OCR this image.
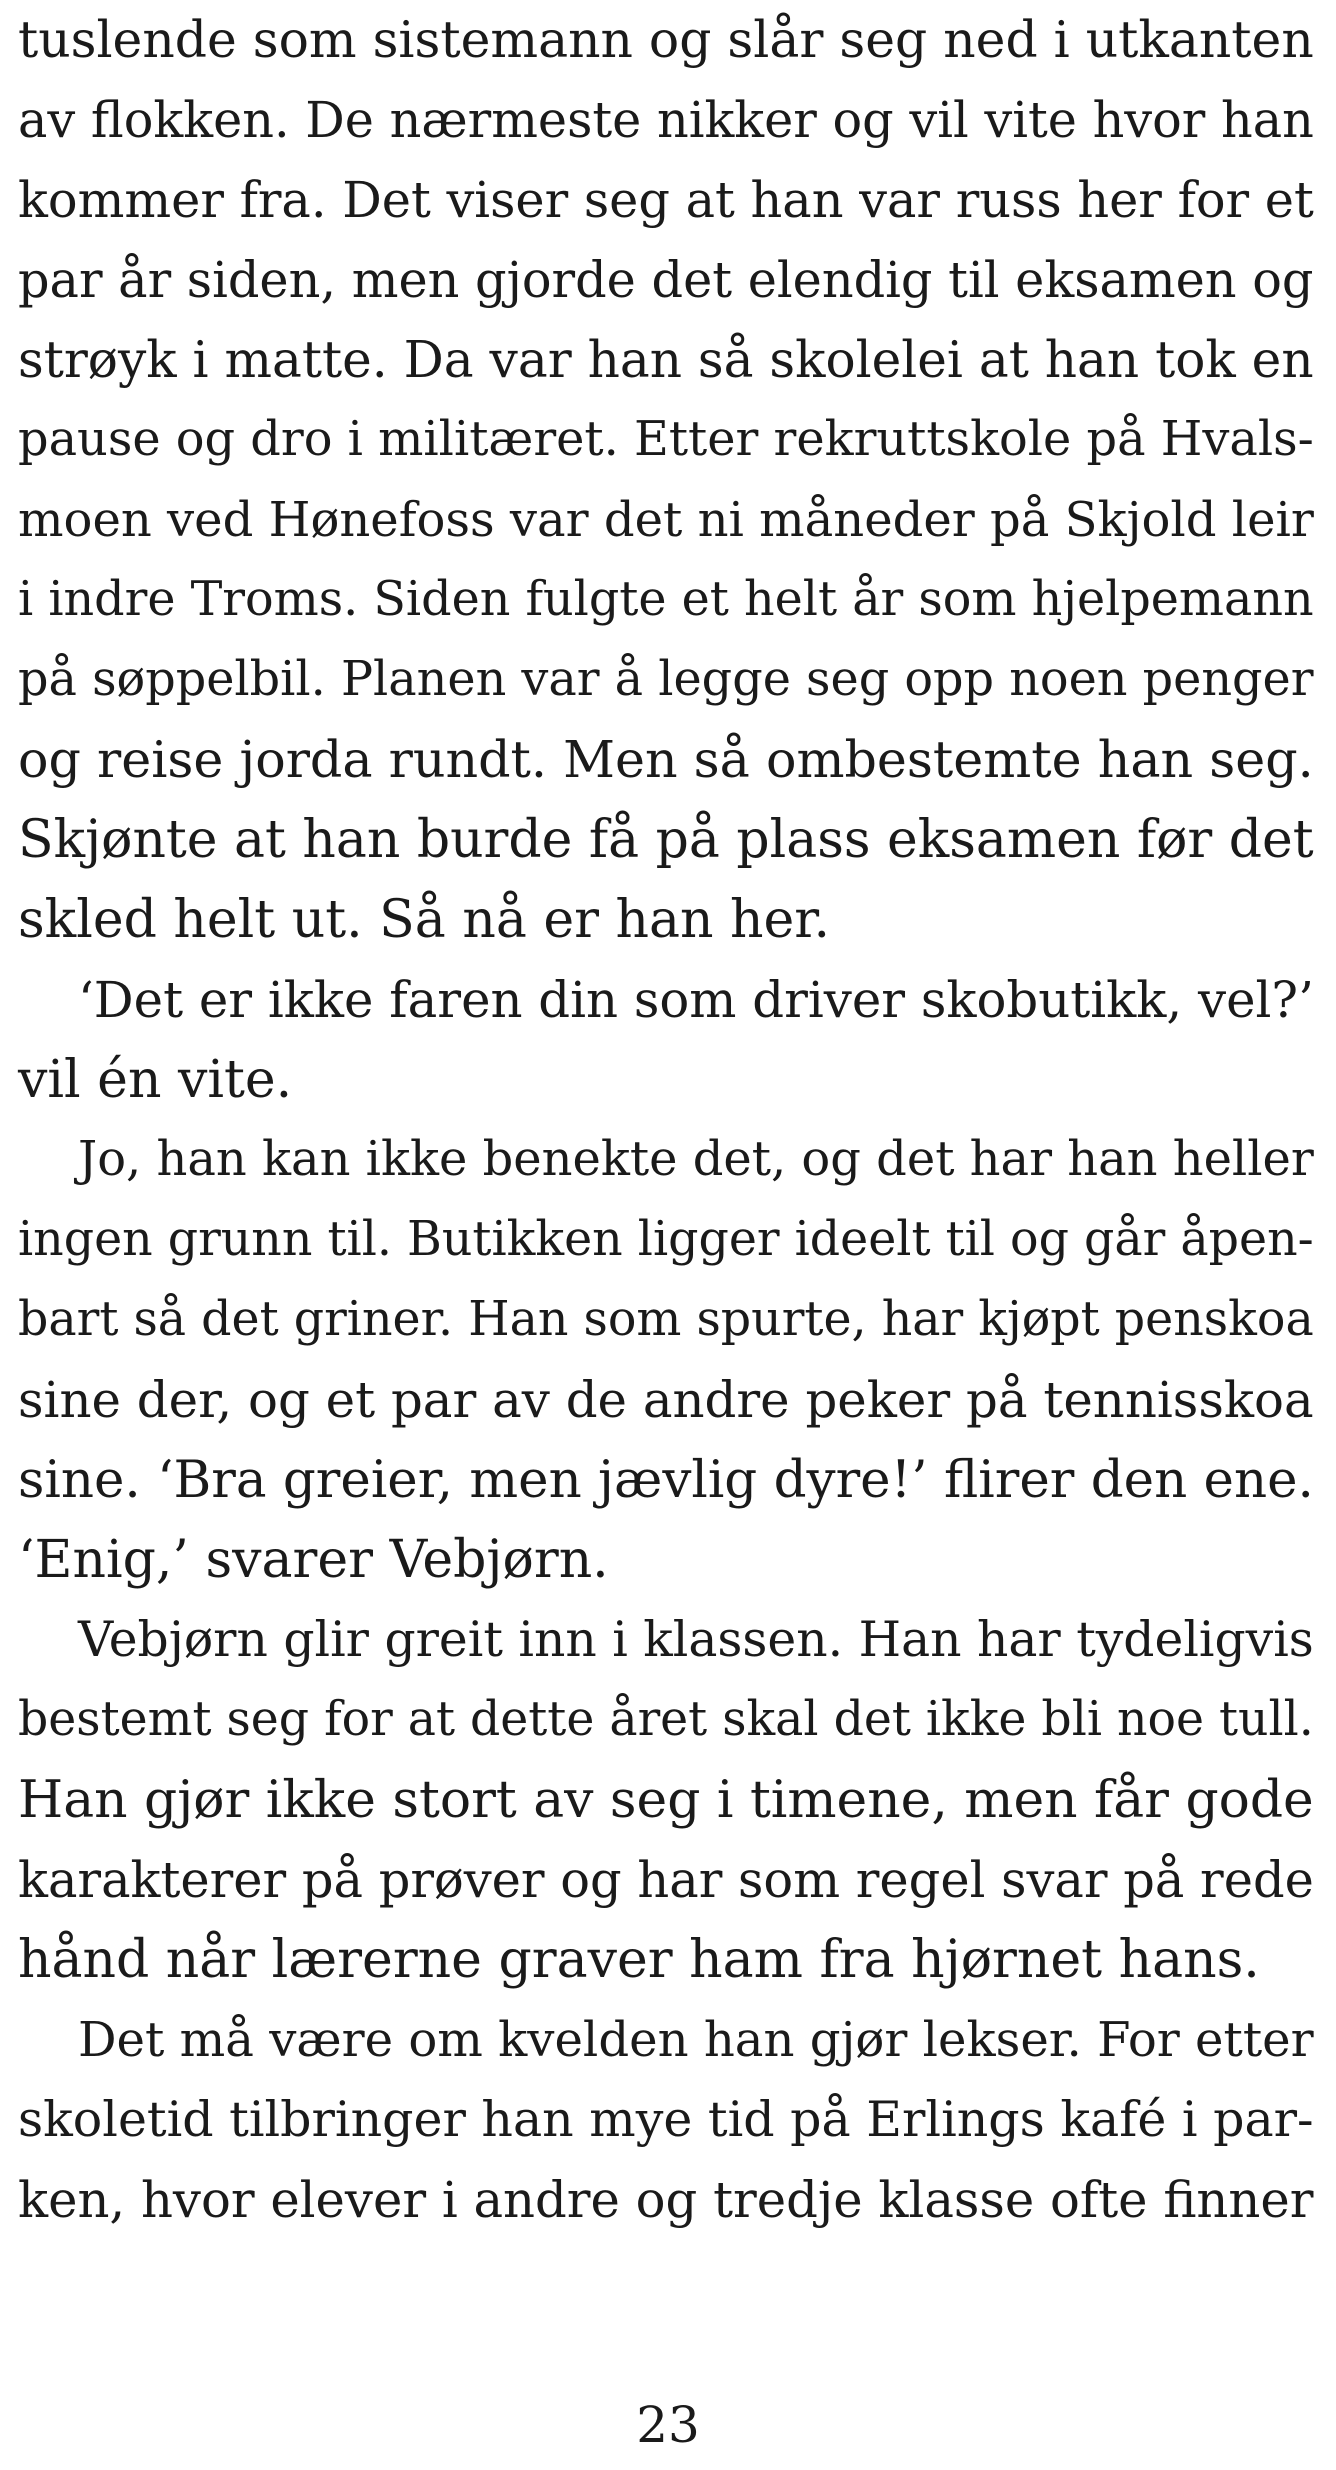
tuslende som sistemann og slår seg ned i utkanten
av flokken. De nærmeste nikker og vil vite hvor han
kommer fra. Det viser seg at han var russ her for et
par år siden, men gjorde det elendig til eksamen og
strøyk i matte. Da var han så skolelei at han tok en
pause og dro i militæret. Etter rekruttskole på Hvals-
moen ved Hønefoss var det ni måneder på Skjold leir
i indre Troms. Siden fulgte et helt år som hjelpemann
på søppelbil. Planen var å legge seg opp noen penger
og reise jorda rundt. Men så ombestemte han seg.
Skjønte at han burde få på plass eksamen før det
skled helt ut. Så nå er han her.
‘Det er ikke faren din som driver skobutikk, vel?’
vil én vite.
Jo, han kan ikke benekte det, og det har han heller
ingen grunn til. Butikken ligger ideelt til og går åpen-
bart så det griner. Han som spurte, har kjøpt penskoa
sine der, og et par av de andre peker på tennisskoa
sine. ‘Bra greier, men jævlig dyre!’ flirer den ene.
‘Enig,’ svarer Vebjørn.
Vebjørn glir greit inn i klassen. Han har tydeligvis
bestemt seg for at dette året skal det ikke bli noe tull.
Han gjør ikke stort av seg i timene, men får gode
karakterer på prøver og har som regel svar på rede
hånd når lærerne graver ham fra hjørnet hans.
Det må være om kvelden han gjør lekser. For etter
skoletid tilbringer han mye tid på Erlings kafé i par-
ken, hvor elever i andre og tredje klasse ofte finner
23
